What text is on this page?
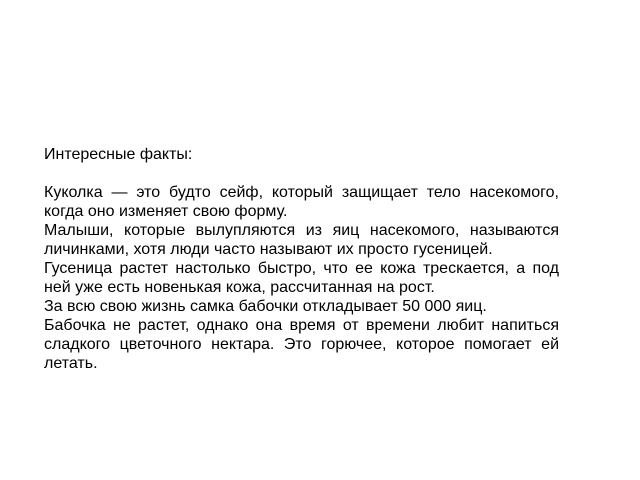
Интересные факты:

Куколка — это будто сейф, который защищает тело насекомого, когда оно изменяет свою форму.

Малыши, которые вылупляются из яиц насекомого, называются личинками, хотя люди часто называют их просто гусеницей.

Гусеница растет настолько быстро, что ее кожа трескается, а под ней уже есть новенькая кожа, рассчитанная на рост.

За всю свою жизнь самка бабочки откладывает 50 000 яиц.

Бабочка не растет, однако она время от времени любит напиться сладкого цветочного нектара. Это горючее, которое помогает ей летать.
